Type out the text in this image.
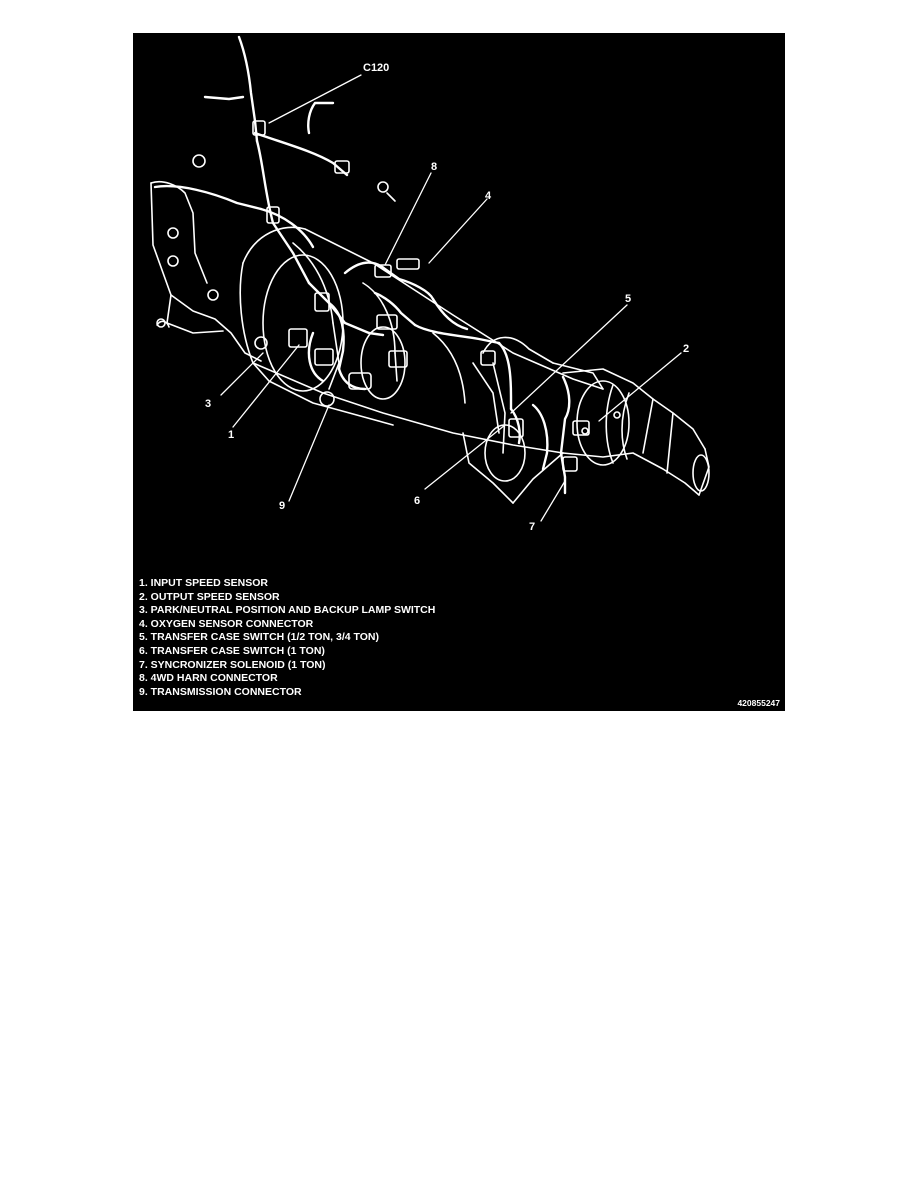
C120
8
4
5
2
3
1
9	6
7
1. INPUT SPEED SENSOR
2. OUTPUT SPEED SENSOR
3. PARK/NEUTRAL POSITION AND BACKUP LAMP SWITCH
4. OXYGEN SENSOR CONNECTOR
5. TRANSFER CASE SWITCH (1/2 TON, 3/4 TON)
6. TRANSFER CASE SWITCH (1 TON)
7. SYNCRONIZER SOLENOID (1 TON)
8. 4WD HARN CONNECTOR
9. TRANSMISSION CONNECTOR
420855247
